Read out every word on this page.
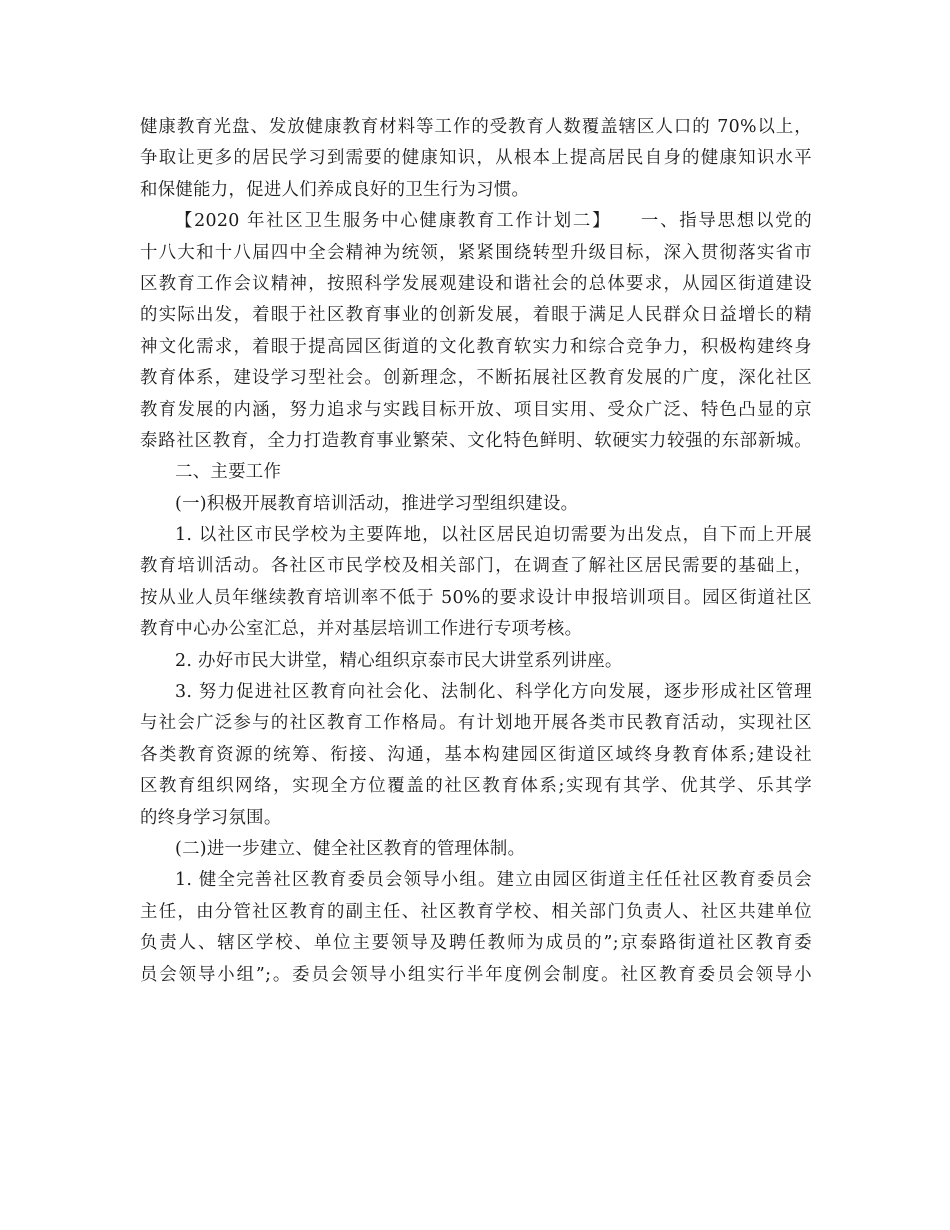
健康教育光盘、发放健康教育材料等工作的受教育人数覆盖辖区人口的 70%以上，
争取让更多的居民学习到需要的健康知识，从根本上提高居民自身的健康知识水平
和保健能力，促进人们养成良好的卫生行为习惯。
【2020 年社区卫生服务中心健康教育工作计划二】　　一、指导思想以党的
十八大和十八届四中全会精神为统领，紧紧围绕转型升级目标，深入贯彻落实省市
区教育工作会议精神，按照科学发展观建设和谐社会的总体要求，从园区街道建设
的实际出发，着眼于社区教育事业的创新发展，着眼于满足人民群众日益增长的精
神文化需求，着眼于提高园区街道的文化教育软实力和综合竞争力，积极构建终身
教育体系，建设学习型社会。创新理念，不断拓展社区教育发展的广度，深化社区
教育发展的内涵，努力追求与实践目标开放、项目实用、受众广泛、特色凸显的京
泰路社区教育，全力打造教育事业繁荣、文化特色鲜明、软硬实力较强的东部新城。
二、主要工作
(一)积极开展教育培训活动，推进学习型组织建设。
1. 以社区市民学校为主要阵地，以社区居民迫切需要为出发点，自下而上开展
教育培训活动。各社区市民学校及相关部门，在调查了解社区居民需要的基础上，
按从业人员年继续教育培训率不低于 50%的要求设计申报培训项目。园区街道社区
教育中心办公室汇总，并对基层培训工作进行专项考核。
2. 办好市民大讲堂，精心组织京泰市民大讲堂系列讲座。
3. 努力促进社区教育向社会化、法制化、科学化方向发展，逐步形成社区管理
与社会广泛参与的社区教育工作格局。有计划地开展各类市民教育活动，实现社区
各类教育资源的统筹、衔接、沟通，基本构建园区街道区域终身教育体系;建设社
区教育组织网络，实现全方位覆盖的社区教育体系;实现有其学、优其学、乐其学
的终身学习氛围。
(二)进一步建立、健全社区教育的管理体制。
1. 健全完善社区教育委员会领导小组。建立由园区街道主任任社区教育委员会
主任，由分管社区教育的副主任、社区教育学校、相关部门负责人、社区共建单位
负责人、辖区学校、单位主要领导及聘任教师为成员的”;京泰路街道社区教育委
员会领导小组”;。委员会领导小组实行半年度例会制度。社区教育委员会领导小
